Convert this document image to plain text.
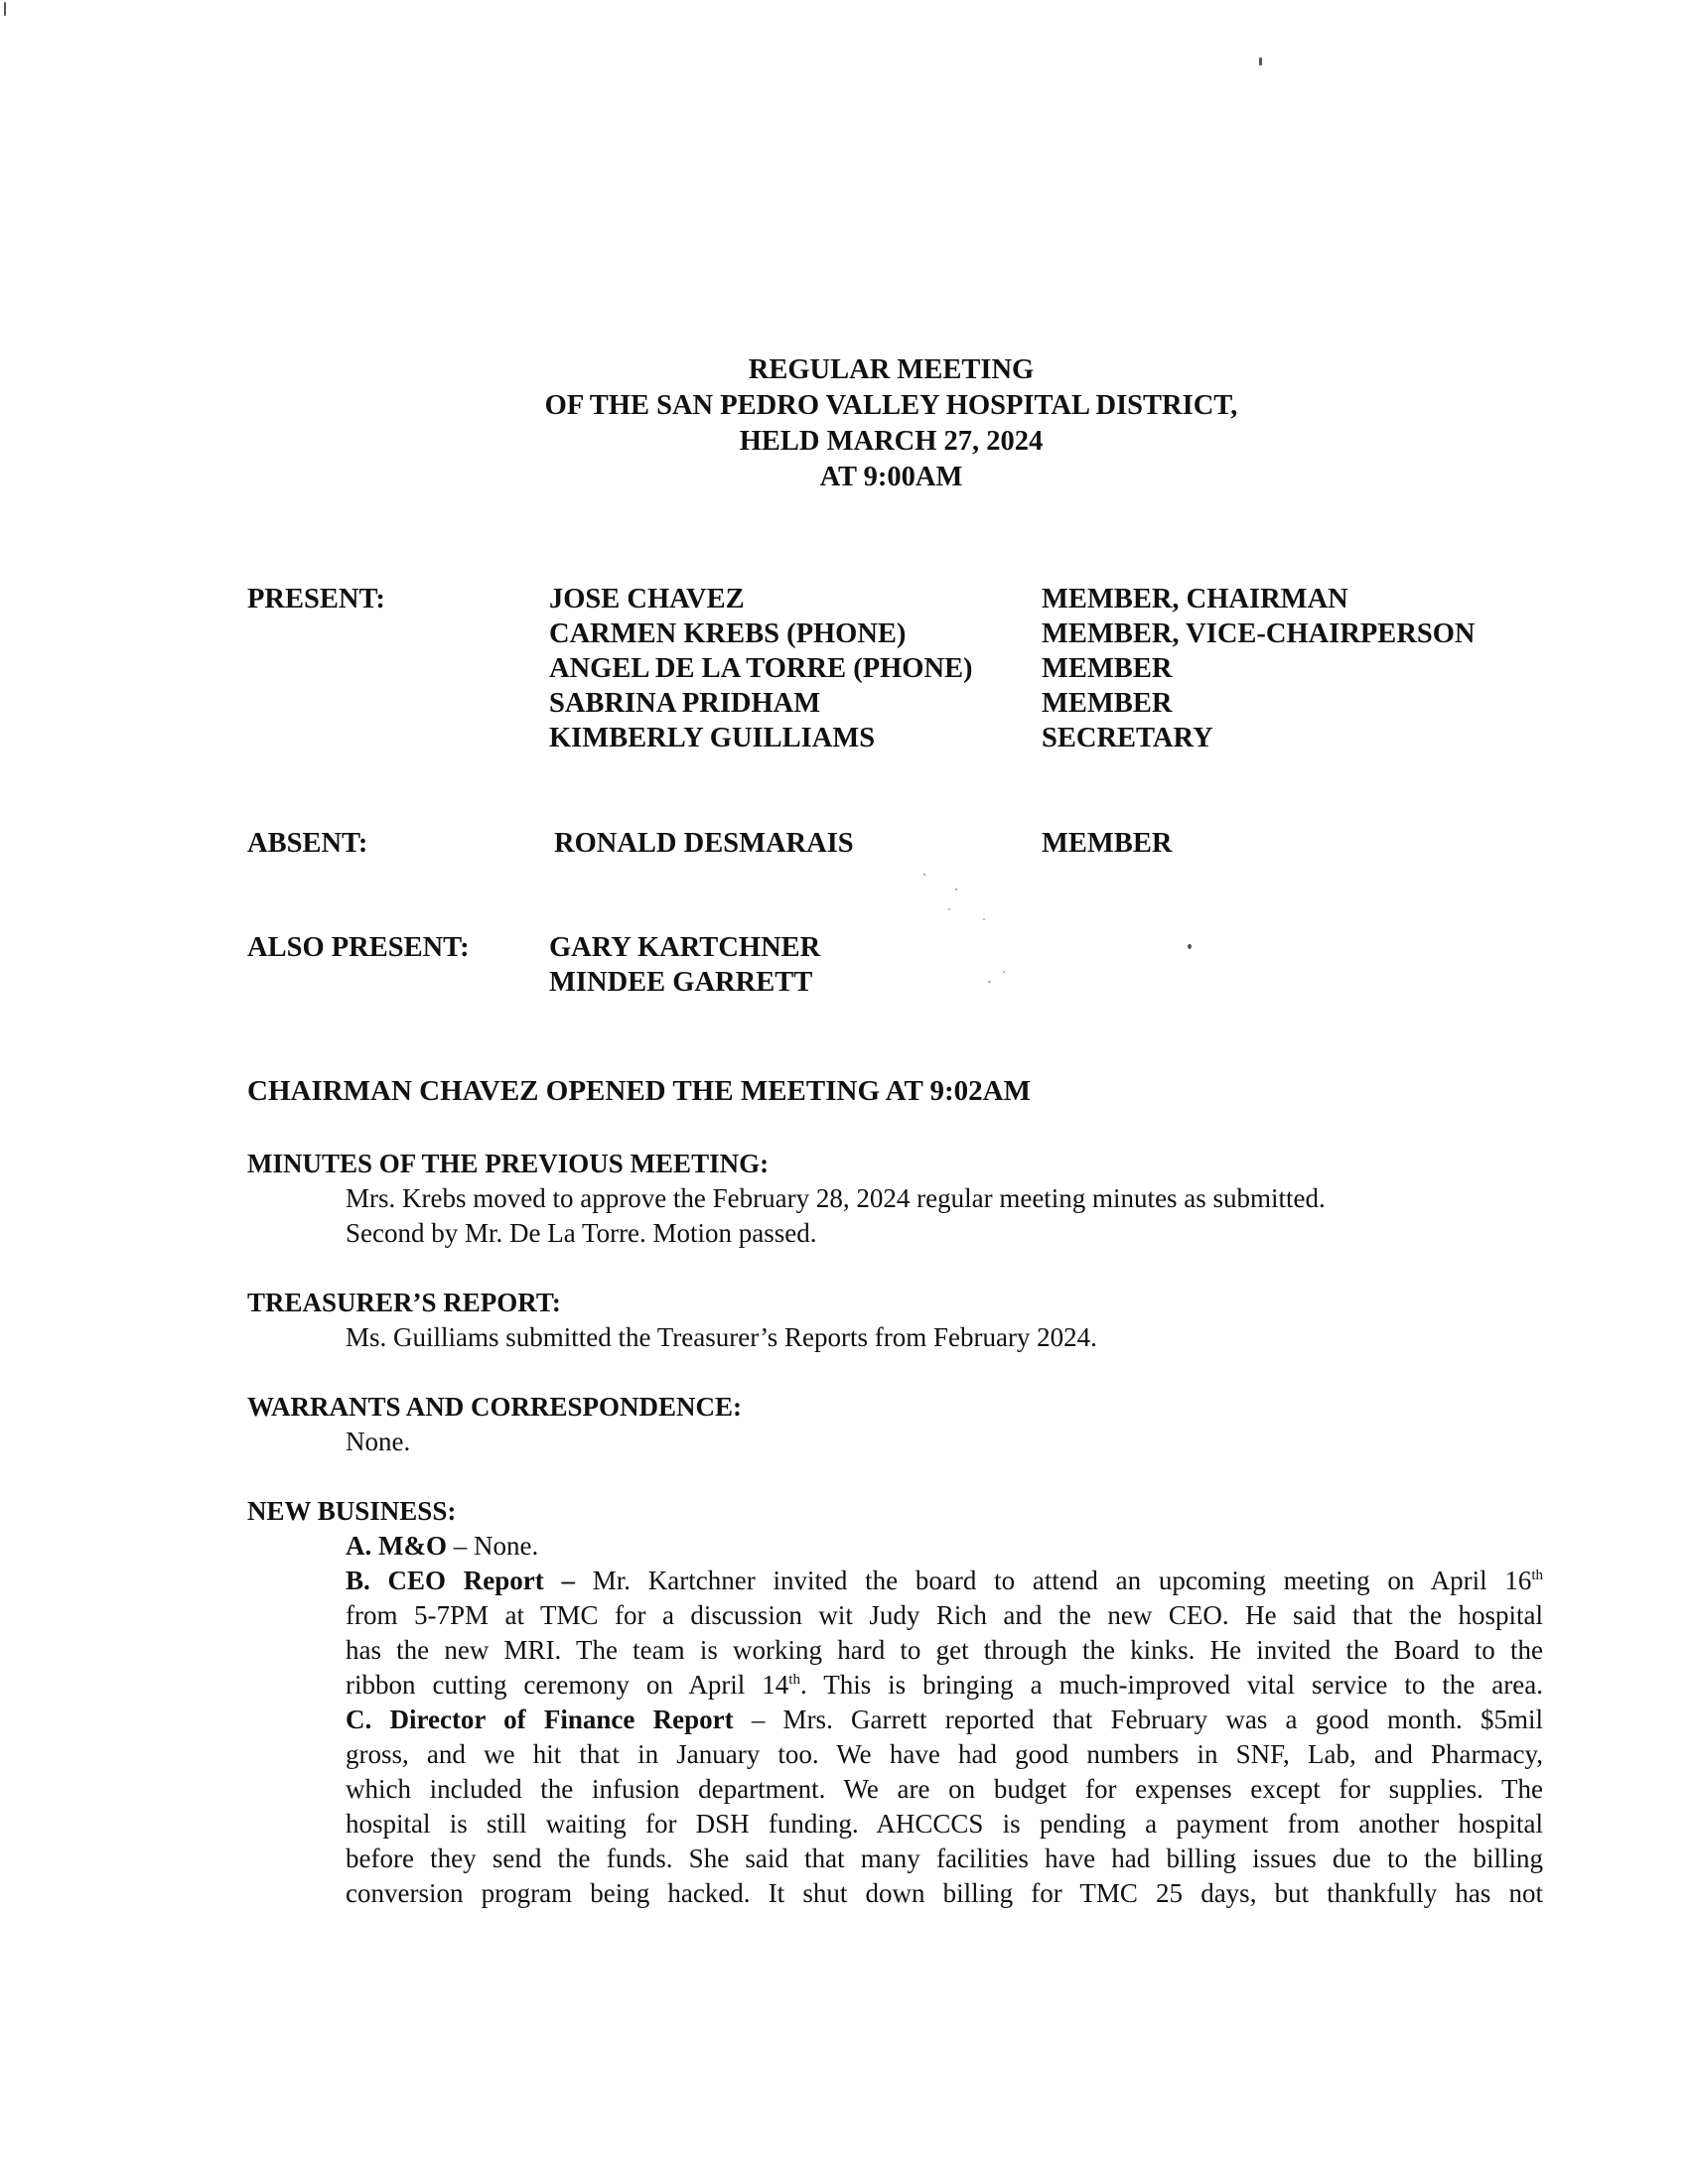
REGULAR MEETING
OF THE SAN PEDRO VALLEY HOSPITAL DISTRICT,
HELD MARCH 27, 2024
AT 9:00AM
PRESENT:	JOSE CHAVEZ	MEMBER, CHAIRMAN
CARMEN KREBS (PHONE)	MEMBER, VICE-CHAIRPERSON
ANGEL DE LA TORRE (PHONE) MEMBER
SABRINA PRIDHAM	MEMBER
KIMBERLY GUILLIAMS	SECRETARY
ABSENT:	RONALD DESMARAIS	MEMBER
ALSO PRESENT:	GARY KARTCHNER
MINDEE GARRETT
CHAIRMAN CHAVEZ OPENED THE MEETING AT 9:02AM
MINUTES OF THE PREVIOUS MEETING:

Mrs. Krebs moved to approve the February 28, 2024 regular meeting minutes as submitted.

Second by Mr. De La Torre. Motion passed.

TREASURER’S REPORT:

Ms. Guilliams submitted the Treasurer’s Reports from February 2024.

WARRANTS AND CORRESPONDENCE:

None.

NEW BUSINESS:
A. M&O – None.
B. CEO Report – Mr. Kartchner invited the board to attend an upcoming meeting on April 16th
from 5-7PM at TMC for a discussion wit Judy Rich and the new CEO. He said that the hospital
has the new MRI. The team is working hard to get through the kinks. He invited the Board to the
ribbon cutting ceremony on April 14th. This is bringing a much-improved vital service to the area.
C. Director of Finance Report – Mrs. Garrett reported that February was a good month. $5mil
gross, and we hit that in January too. We have had good numbers in SNF, Lab, and Pharmacy,
which included the infusion department. We are on budget for expenses except for supplies. The
hospital is still waiting for DSH funding. AHCCCS is pending a payment from another hospital
before they send the funds. She said that many facilities have had billing issues due to the billing
conversion program being hacked. It shut down billing for TMC 25 days, but thankfully has not
